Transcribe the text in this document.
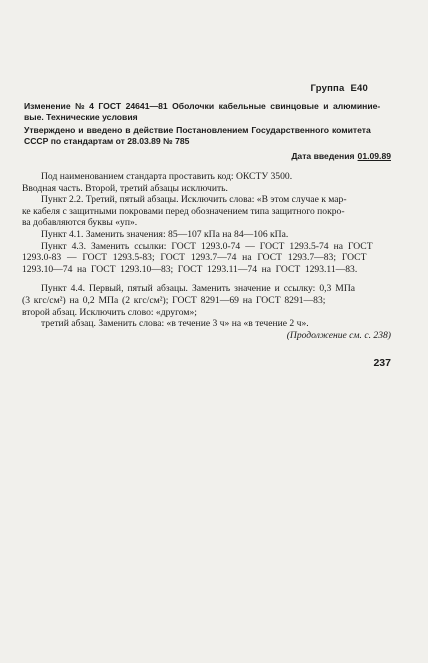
Группа Е40
Изменение № 4 ГОСТ 24641—81 Оболочки кабельные свинцовые и алюминие-
вые. Технические условия
Утверждено и введено в действие Постановлением Государственного комитета
СССР по стандартам от 28.03.89 № 785
Дата введения 01.09.89
Под наименованием стандарта проставить код: ОКСТУ 3500.
Вводная часть. Второй, третий абзацы исключить.
Пункт 2.2. Третий, пятый абзацы. Исключить слова: «В этом случае к мар-
ке кабеля с защитными покровами перед обозначением типа защитного покро-
ва добавляются буквы «уп».
Пункт 4.1. Заменить значения: 85—107 кПа на 84—106 кПа.
Пункт 4.3. Заменить ссылки: ГОСТ 1293.0-74 — ГОСТ 1293.5-74 на ГОСТ
1293.0-83 — ГОСТ 1293.5-83; ГОСТ 1293.7—74 на ГОСТ 1293.7—83; ГОСТ
1293.10—74 на ГОСТ 1293.10—83; ГОСТ 1293.11—74 на ГОСТ 1293.11—83.
Пункт 4.4. Первый, пятый абзацы. Заменить значение и ссылку: 0,3 МПа
(3 кгс/см²) на 0,2 МПа (2 кгс/см²); ГОСТ 8291—69 на ГОСТ 8291—83;
второй абзац. Исключить слово: «другом»;
третий абзац. Заменить слова: «в течение 3 ч» на «в течение 2 ч».
(Продолжение см. с. 238)
237
